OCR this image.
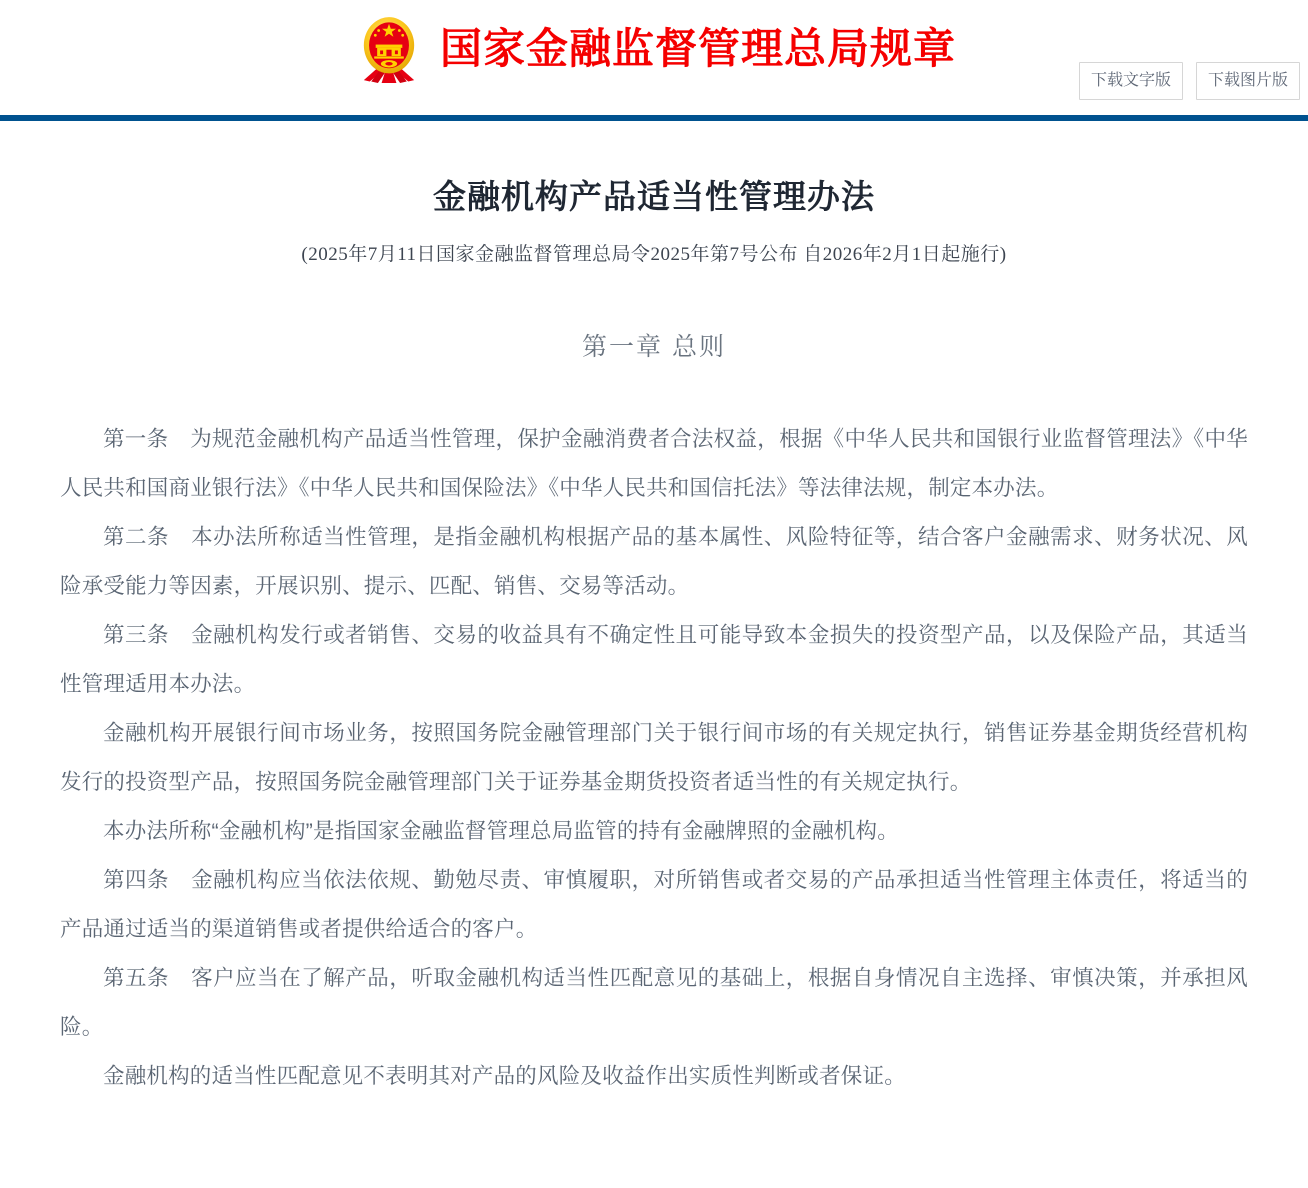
国家金融监督管理总局规章
下载文字版	下载图片版
金融机构产品适当性管理办法
(2025年7月11日国家金融监督管理总局令2025年第7号公布 自2026年2月1日起施行)
第一章 总则

第一条　为规范金融机构产品适当性管理，保护金融消费者合法权益，根据《中华人民共和国银行业监督管理法》《中华人民共和国商业银行法》《中华人民共和国保险法》《中华人民共和国信托法》等法律法规，制定本办法。

第二条　本办法所称适当性管理，是指金融机构根据产品的基本属性、风险特征等，结合客户金融需求、财务状况、风险承受能力等因素，开展识别、提示、匹配、销售、交易等活动。

第三条　金融机构发行或者销售、交易的收益具有不确定性且可能导致本金损失的投资型产品，以及保险产品，其适当性管理适用本办法。

金融机构开展银行间市场业务，按照国务院金融管理部门关于银行间市场的有关规定执行，销售证券基金期货经营机构发行的投资型产品，按照国务院金融管理部门关于证券基金期货投资者适当性的有关规定执行。

本办法所称“金融机构”是指国家金融监督管理总局监管的持有金融牌照的金融机构。

第四条　金融机构应当依法依规、勤勉尽责、审慎履职，对所销售或者交易的产品承担适当性管理主体责任，将适当的产品通过适当的渠道销售或者提供给适合的客户。

第五条　客户应当在了解产品，听取金融机构适当性匹配意见的基础上，根据自身情况自主选择、审慎决策，并承担风险。

金融机构的适当性匹配意见不表明其对产品的风险及收益作出实质性判断或者保证。
